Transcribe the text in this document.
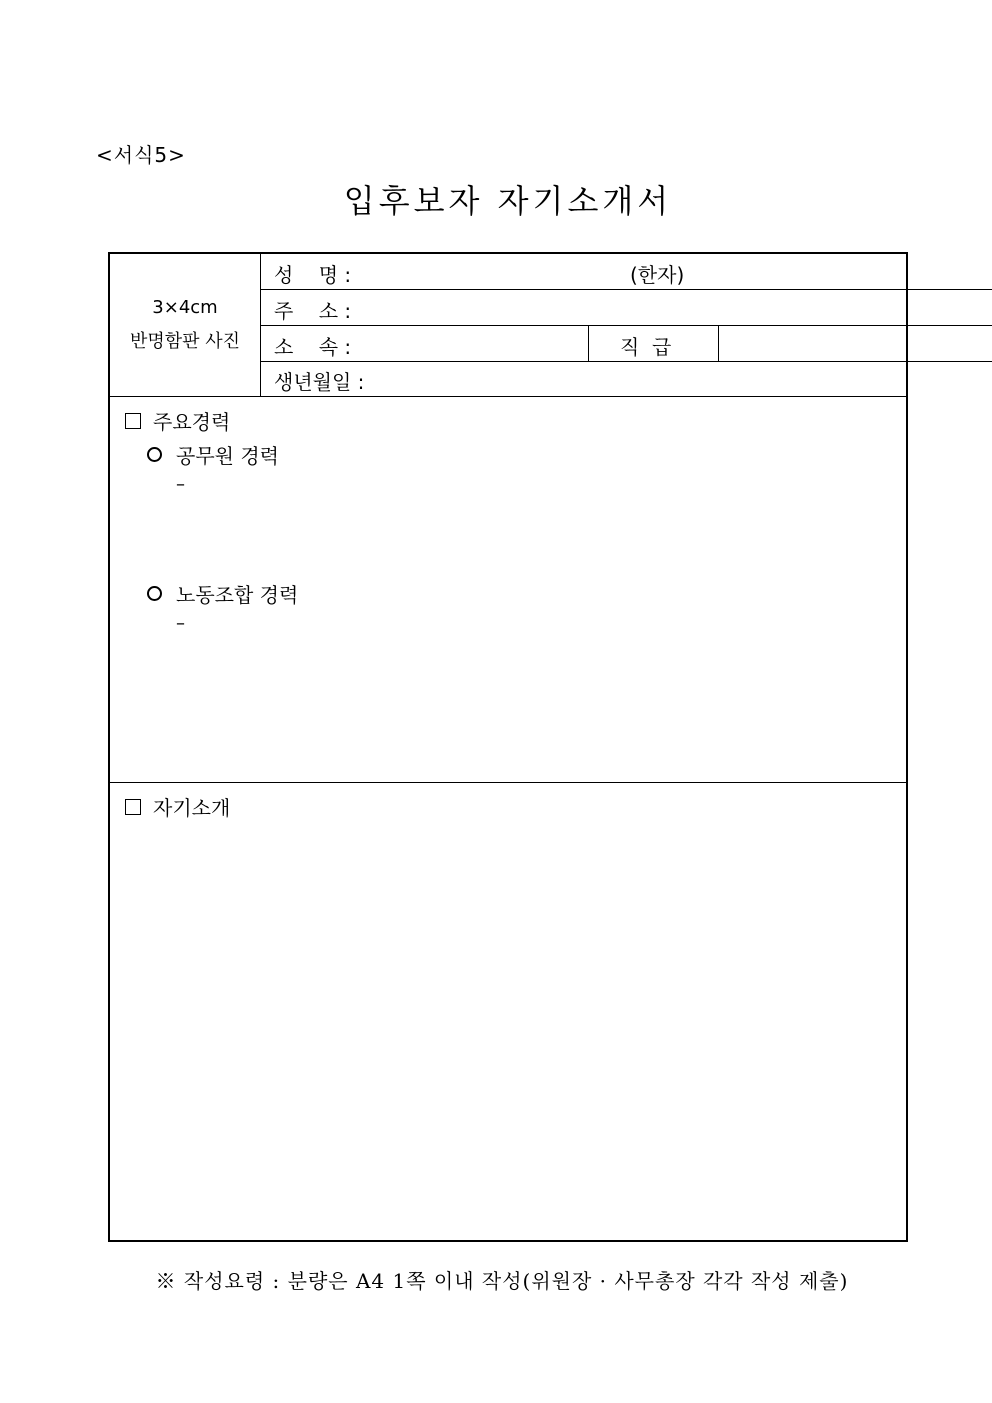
<서식5>
입후보자 자기소개서
3×4cm
반명함판 사진
성    명 :	(한자)
주    소 :
소    속 :	직  급
생년월일 :
주요경력
공무원 경력
–
노동조합 경력
–
자기소개
※ 작성요령 : 분량은 A4 1쪽 이내 작성(위원장 · 사무총장 각각 작성 제출)
